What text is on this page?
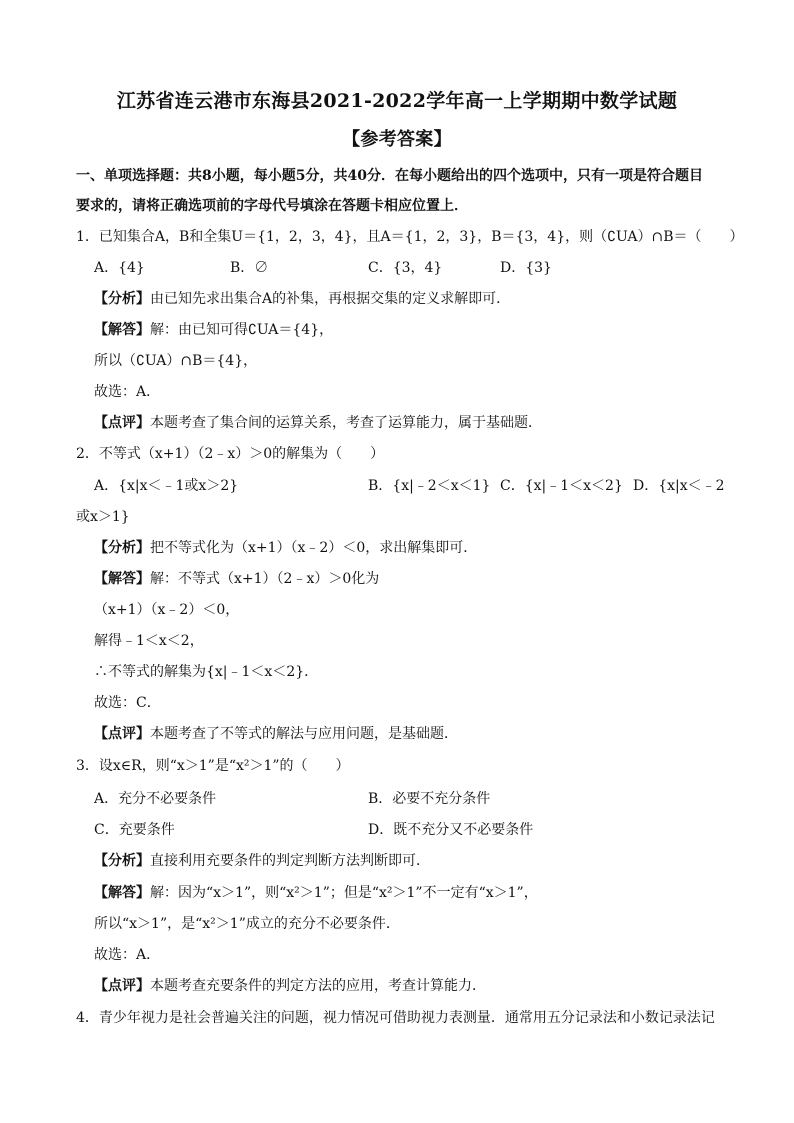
江苏省连云港市东海县2021-2022学年高一上学期期中数学试题
【参考答案】
一、单项选择题：共8小题，每小题5分，共40分．在每小题给出的四个选项中，只有一项是符合题目
要求的，请将正确选项前的字母代号填涂在答题卡相应位置上．
1．已知集合A，B和全集U＝{1，2，3，4}，且A＝{1，2，3}，B＝{3，4}，则（∁UA）∩B＝（　　）
A．{4}	B．∅	C．{3，4}	D．{3}
【分析】由已知先求出集合A的补集，再根据交集的定义求解即可．
【解答】解：由已知可得∁UA＝{4}，
所以（∁UA）∩B＝{4}，
故选：A．
【点评】本题考查了集合间的运算关系，考查了运算能力，属于基础题．
2．不等式（x+1）（2﹣x）＞0的解集为（　　）
A．{x|x＜﹣1或x＞2}	B．{x|﹣2＜x＜1} C．{x|﹣1＜x＜2} D．{x|x＜﹣2
或x＞1}
【分析】把不等式化为（x+1）（x﹣2）＜0，求出解集即可．
【解答】解：不等式（x+1）（2﹣x）＞0化为
（x+1）（x﹣2）＜0，
解得﹣1＜x＜2，
∴不等式的解集为{x|﹣1＜x＜2}．
故选：C．
【点评】本题考查了不等式的解法与应用问题，是基础题．
3．设x∈R，则“x＞1”是“x²＞1”的（　　）
A．充分不必要条件	B．必要不充分条件
C．充要条件	D．既不充分又不必要条件
【分析】直接利用充要条件的判定判断方法判断即可．
【解答】解：因为“x＞1”，则“x²＞1”；但是“x²＞1”不一定有“x＞1”，
所以“x＞1”，是“x²＞1”成立的充分不必要条件．
故选：A．
【点评】本题考查充要条件的判定方法的应用，考查计算能力．
4．青少年视力是社会普遍关注的问题，视力情况可借助视力表测量．通常用五分记录法和小数记录法记
